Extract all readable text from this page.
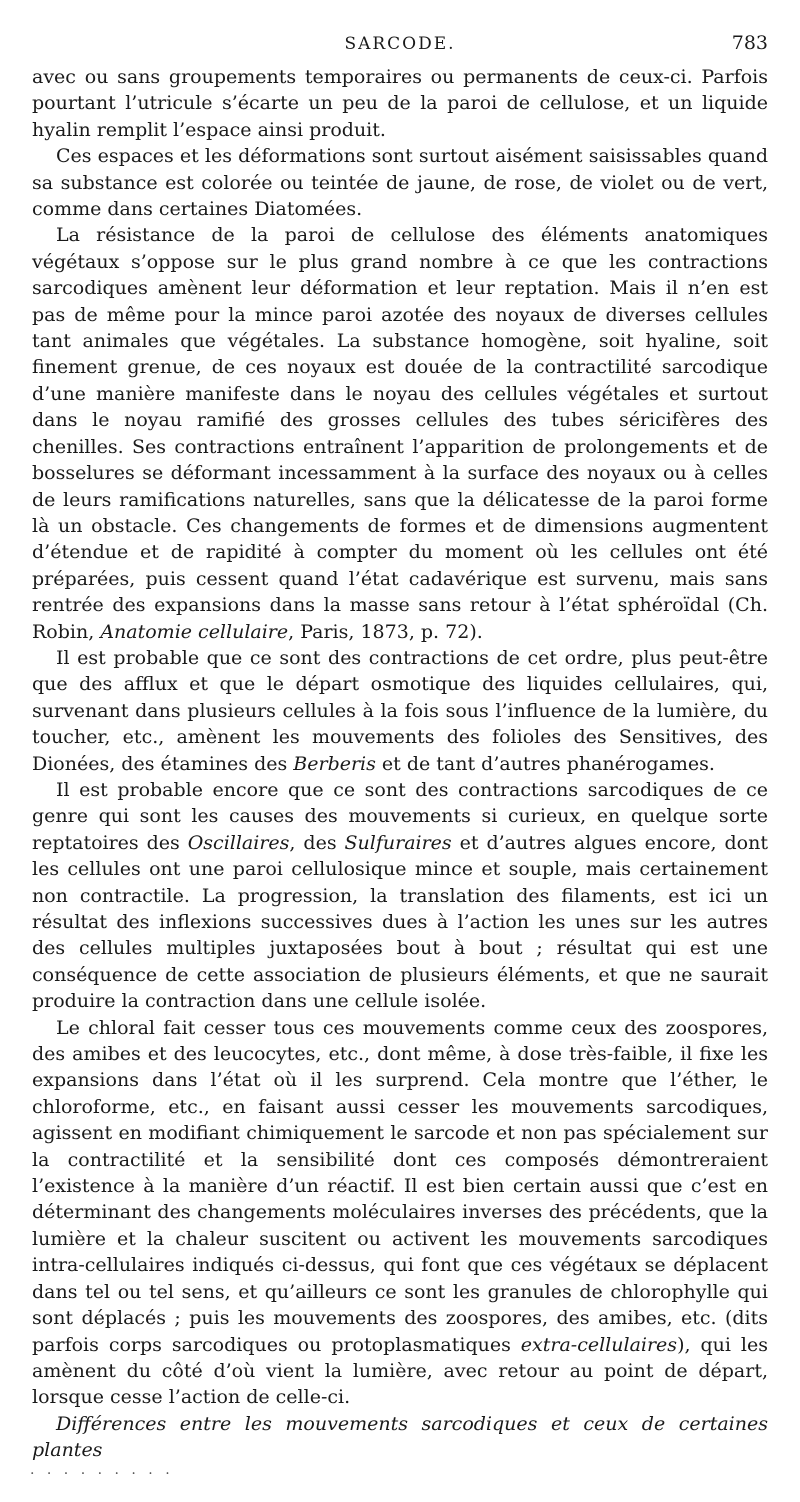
SARCODE.	783

avec ou sans groupements temporaires ou permanents de ceux-ci. Parfois pourtant l’utricule s’écarte un peu de la paroi de cellulose, et un liquide hyalin remplit l’espace ainsi produit.

Ces espaces et les déformations sont surtout aisément saisissables quand sa substance est colorée ou teintée de jaune, de rose, de violet ou de vert, comme dans certaines Diatomées.

La résistance de la paroi de cellulose des éléments anatomiques végétaux s’oppose sur le plus grand nombre à ce que les contractions sarcodiques amènent leur déformation et leur reptation. Mais il n’en est pas de même pour la mince paroi azotée des noyaux de diverses cellules tant animales que végétales. La substance homogène, soit hyaline, soit finement grenue, de ces noyaux est douée de la contractilité sarcodique d’une manière manifeste dans le noyau des cellules végétales et surtout dans le noyau ramifié des grosses cellules des tubes séricifères des chenilles. Ses contractions entraînent l’apparition de prolongements et de bosselures se déformant incessamment à la surface des noyaux ou à celles de leurs ramifications naturelles, sans que la délicatesse de la paroi forme là un obstacle. Ces changements de formes et de dimensions augmentent d’étendue et de rapidité à compter du moment où les cellules ont été préparées, puis cessent quand l’état cadavérique est survenu, mais sans rentrée des expansions dans la masse sans retour à l’état sphéroïdal (Ch. Robin, Anatomie cellulaire, Paris, 1873, p. 72).

Il est probable que ce sont des contractions de cet ordre, plus peut-être que des afflux et que le départ osmotique des liquides cellulaires, qui, survenant dans plusieurs cellules à la fois sous l’influence de la lumière, du toucher, etc., amènent les mouvements des folioles des Sensitives, des Dionées, des étamines des Berberis et de tant d’autres phanérogames.

Il est probable encore que ce sont des contractions sarcodiques de ce genre qui sont les causes des mouvements si curieux, en quelque sorte reptatoires des Oscillaires, des Sulfuraires et d’autres algues encore, dont les cellules ont une paroi cellulosique mince et souple, mais certainement non contractile. La progression, la translation des filaments, est ici un résultat des inflexions successives dues à l’action les unes sur les autres des cellules multiples juxtaposées bout à bout ; résultat qui est une conséquence de cette association de plusieurs éléments, et que ne saurait produire la contraction dans une cellule isolée.

Le chloral fait cesser tous ces mouvements comme ceux des zoospores, des amibes et des leucocytes, etc., dont même, à dose très-faible, il fixe les expansions dans l’état où il les surprend. Cela montre que l’éther, le chloroforme, etc., en faisant aussi cesser les mouvements sarcodiques, agissent en modifiant chimiquement le sarcode et non pas spécialement sur la contractilité et la sensibilité dont ces composés démontreraient l’existence à la manière d’un réactif. Il est bien certain aussi que c’est en déterminant des changements moléculaires inverses des précédents, que la lumière et la chaleur suscitent ou activent les mouvements sarcodiques intra-cellulaires indiqués ci-dessus, qui font que ces végétaux se déplacent dans tel ou tel sens, et qu’ailleurs ce sont les granules de chlorophylle qui sont déplacés ; puis les mouvements des zoospores, des amibes, etc. (dits parfois corps sarcodiques ou protoplasmatiques extra-cellulaires), qui les amènent du côté d’où vient la lumière, avec retour au point de départ, lorsque cesse l’action de celle-ci.

Différences entre les mouvements sarcodiques et ceux de certaines plantes

. . . . . . . . .
